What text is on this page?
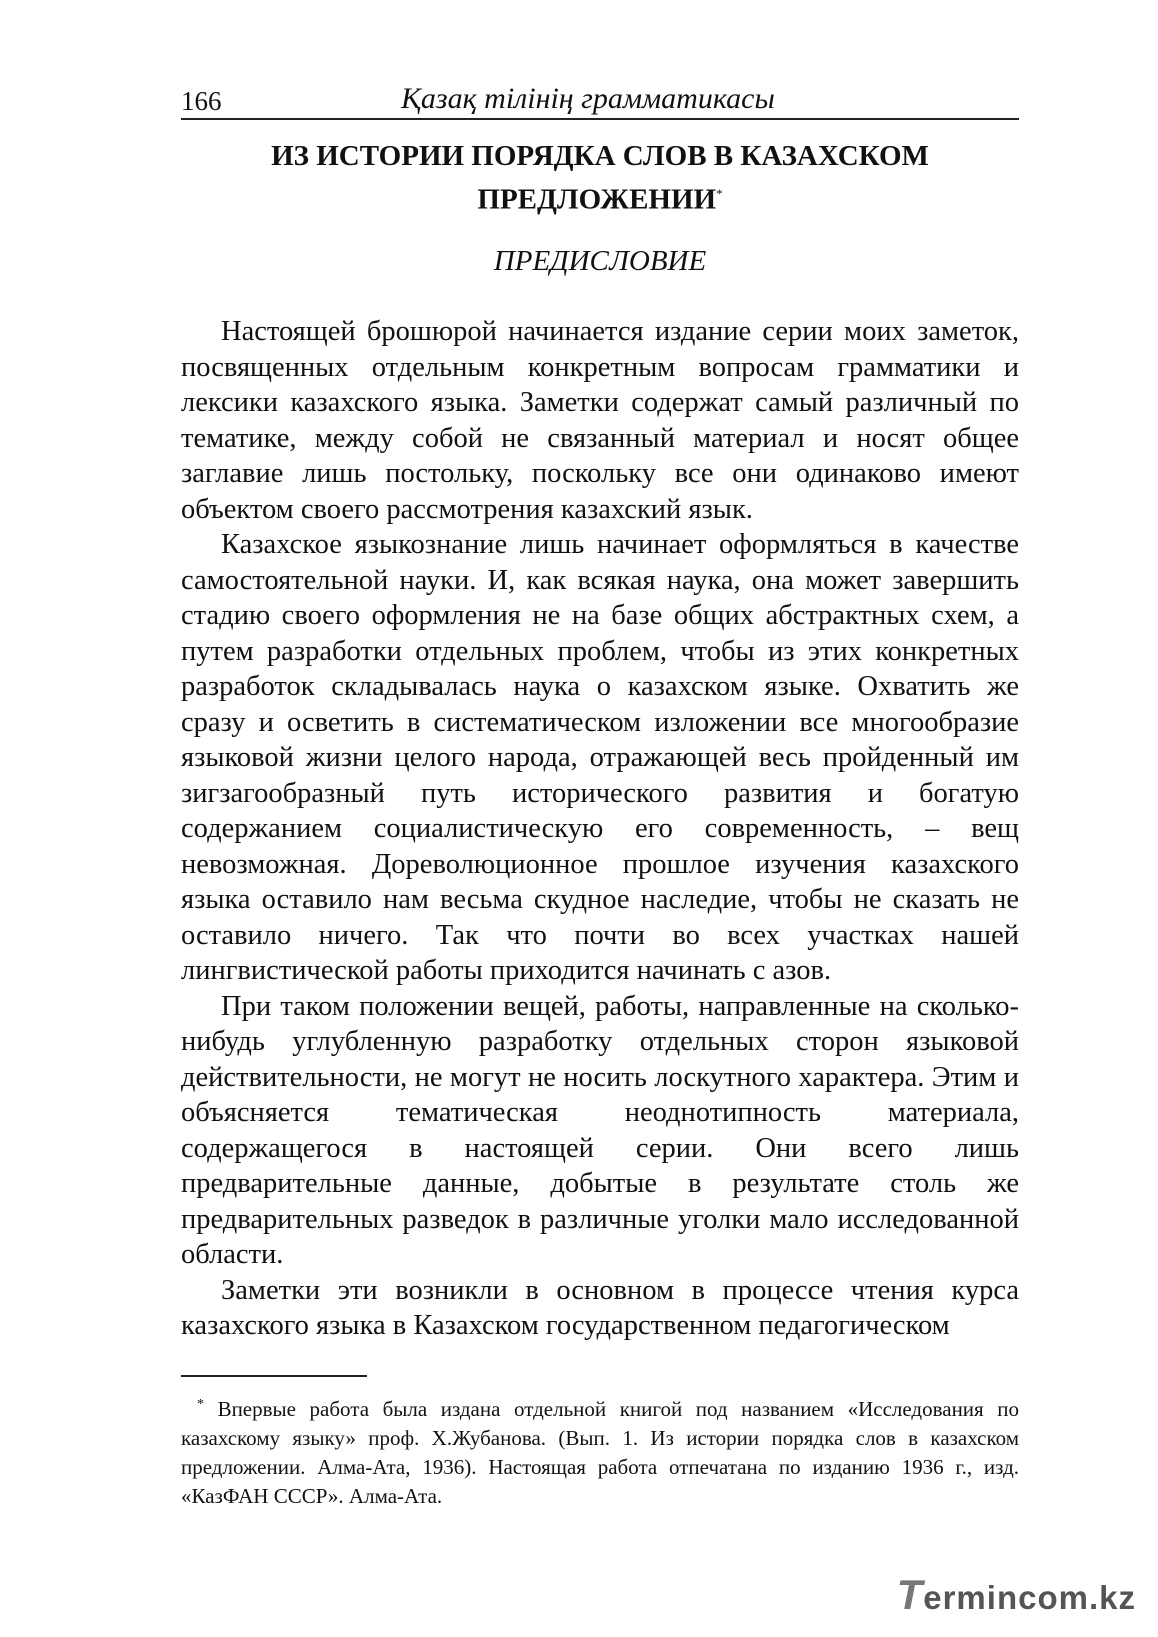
166	Қазақ тілінің грамматикасы
ИЗ ИСТОРИИ ПОРЯДКА СЛОВ В КАЗАХСКОМ
ПРЕДЛОЖЕНИИ*
ПРЕДИСЛОВИЕ

Настоящей брошюрой начинается издание серии моих заметок, посвященных отдельным конкретным вопросам грамматики и лексики казахского языка. Заметки содержат самый различный по тематике, между собой не связанный материал и носят общее заглавие лишь постольку, поскольку все они одинаково имеют объектом своего рассмотрения казахский язык.

Казахское языкознание лишь начинает оформляться в качестве самостоятельной науки. И, как всякая наука, она может завершить стадию своего оформления не на базе общих абстрактных схем, а путем разработки отдельных проблем, чтобы из этих конкретных разработок складывалась наука о казахском языке. Охватить же сразу и осветить в систематическом изложении все многообразие языковой жизни целого народа, отражающей весь пройденный им зигзагообразный путь исторического развития и богатую содержанием социалистическую его современность, – вещ невозможная. Дореволюционное прошлое изучения казахского языка оставило нам весьма скудное наследие, чтобы не сказать не оставило ничего. Так что почти во всех участках нашей лингвистической работы приходится начинать с азов.

При таком положении вещей, работы, направленные на сколько-нибудь углубленную разработку отдельных сторон языковой действительности, не могут не носить лоскутного характера. Этим и объясняется тематическая неоднотипность материала, содержащегося в настоящей серии. Они всего лишь предварительные данные, добытые в результате столь же предварительных разведок в различные уголки мало исследованной области.

Заметки эти возникли в основном в процессе чтения курса казахского языка в Казахском государственном педагогическом

* Впервые работа была издана отдельной книгой под названием «Исследования по казахскому языку» проф. Х.Жубанова. (Вып. 1. Из истории порядка слов в казахском предложении. Алма-Ата, 1936). Настоящая работа отпечатана по изданию 1936 г., изд. «КазФАН СССР». Алма-Ата.

Termincom.kz
